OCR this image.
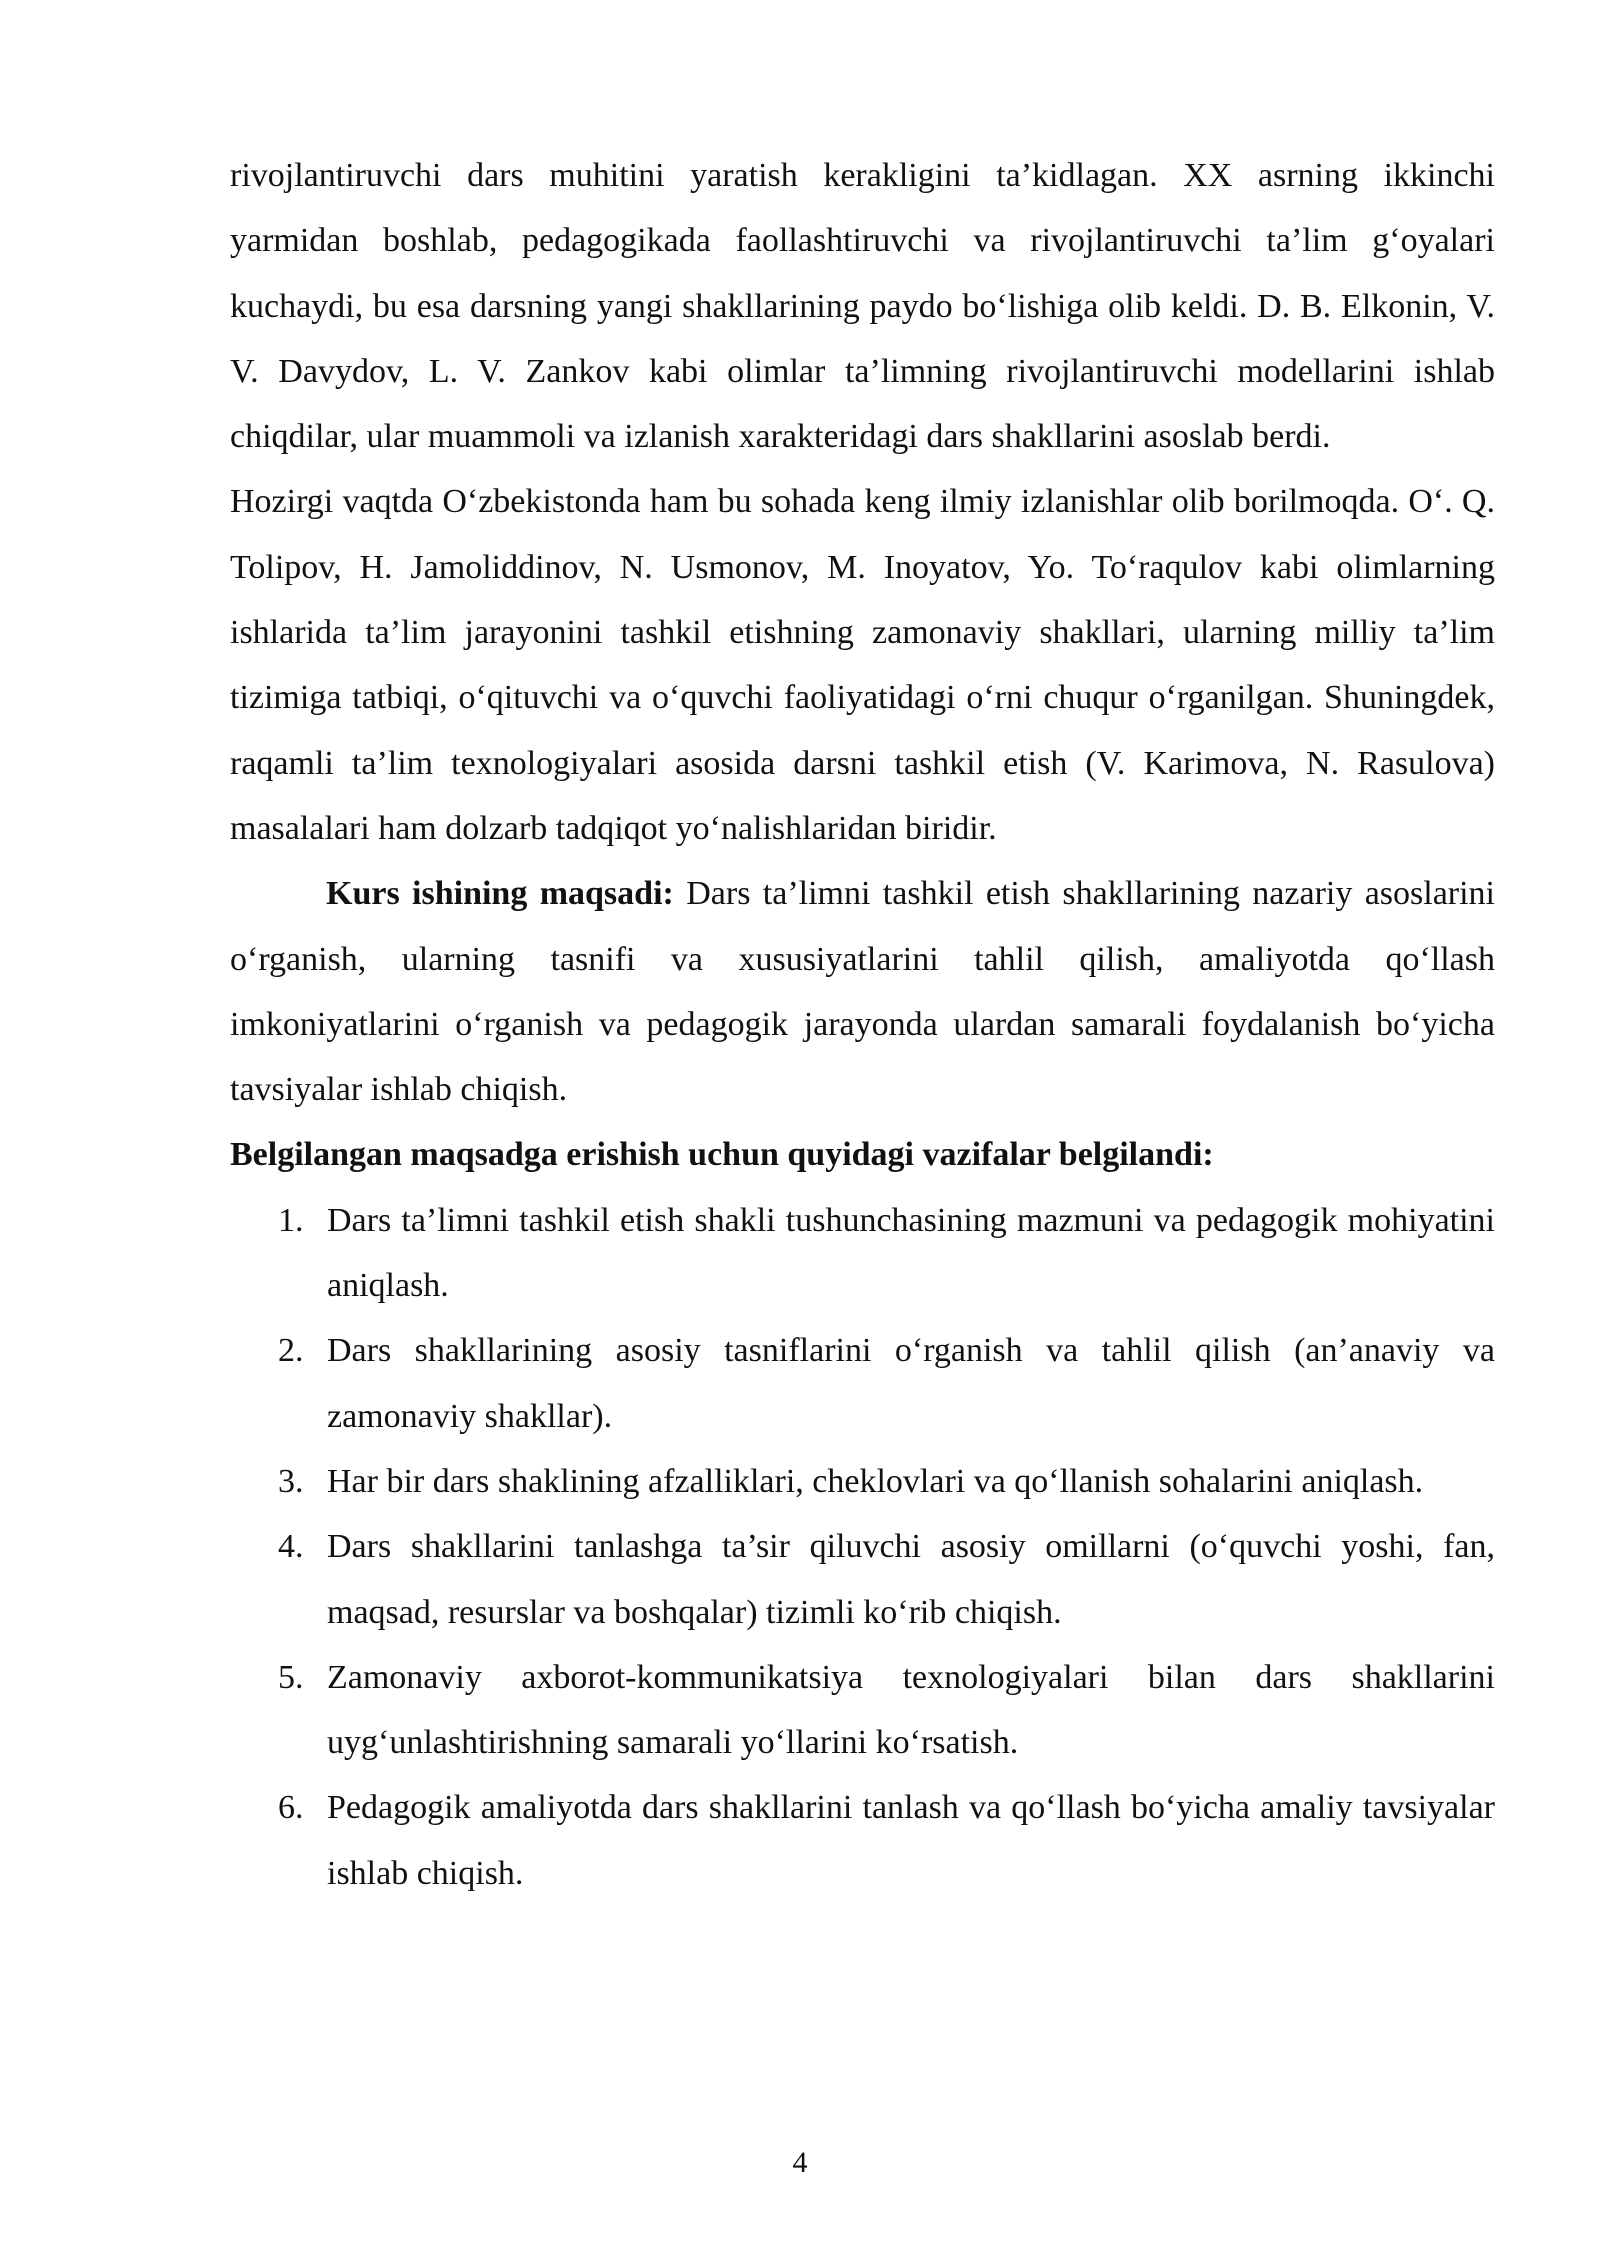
rivojlantiruvchi dars muhitini yaratish kerakligini ta’kidlagan. XX asrning ikkinchi yarmidan boshlab, pedagogikada faollashtiruvchi va rivojlantiruvchi ta’lim g‘oyalari kuchaydi, bu esa darsning yangi shakllarining paydo bo‘lishiga olib keldi. D. B. Elkonin, V. V. Davydov, L. V. Zankov kabi olimlar ta’limning rivojlantiruvchi modellarini ishlab chiqdilar, ular muammoli va izlanish xarakteridagi dars shakllarini asoslab berdi.

Hozirgi vaqtda O‘zbekistonda ham bu sohada keng ilmiy izlanishlar olib borilmoqda. O‘. Q. Tolipov, H. Jamoliddinov, N. Usmonov, M. Inoyatov, Yo. To‘raqulov kabi olimlarning ishlarida ta’lim jarayonini tashkil etishning zamonaviy shakllari, ularning milliy ta’lim tizimiga tatbiqi, o‘qituvchi va o‘quvchi faoliyatidagi o‘rni chuqur o‘rganilgan. Shuningdek, raqamli ta’lim texnologiyalari asosida darsni tashkil etish (V. Karimova, N. Rasulova) masalalari ham dolzarb tadqiqot yo‘nalishlaridan biridir.

Kurs ishining maqsadi: Dars ta’limni tashkil etish shakllarining nazariy asoslarini o‘rganish, ularning tasnifi va xususiyatlarini tahlil qilish, amaliyotda qo‘llash imkoniyatlarini o‘rganish va pedagogik jarayonda ulardan samarali foydalanish bo‘yicha tavsiyalar ishlab chiqish.

Belgilangan maqsadga erishish uchun quyidagi vazifalar belgilandi:

1. Dars ta’limni tashkil etish shakli tushunchasining mazmuni va pedagogik mohiyatini aniqlash.
2. Dars shakllarining asosiy tasniflarini o‘rganish va tahlil qilish (an’anaviy va zamonaviy shakllar).
3. Har bir dars shaklining afzalliklari, cheklovlari va qo‘llanish sohalarini aniqlash.
4. Dars shakllarini tanlashga ta’sir qiluvchi asosiy omillarni (o‘quvchi yoshi, fan, maqsad, resurslar va boshqalar) tizimli ko‘rib chiqish.
5. Zamonaviy axborot-kommunikatsiya texnologiyalari bilan dars shakllarini uyg‘unlashtirishning samarali yo‘llarini ko‘rsatish.
6. Pedagogik amaliyotda dars shakllarini tanlash va qo‘llash bo‘yicha amaliy tavsiyalar ishlab chiqish.
4
